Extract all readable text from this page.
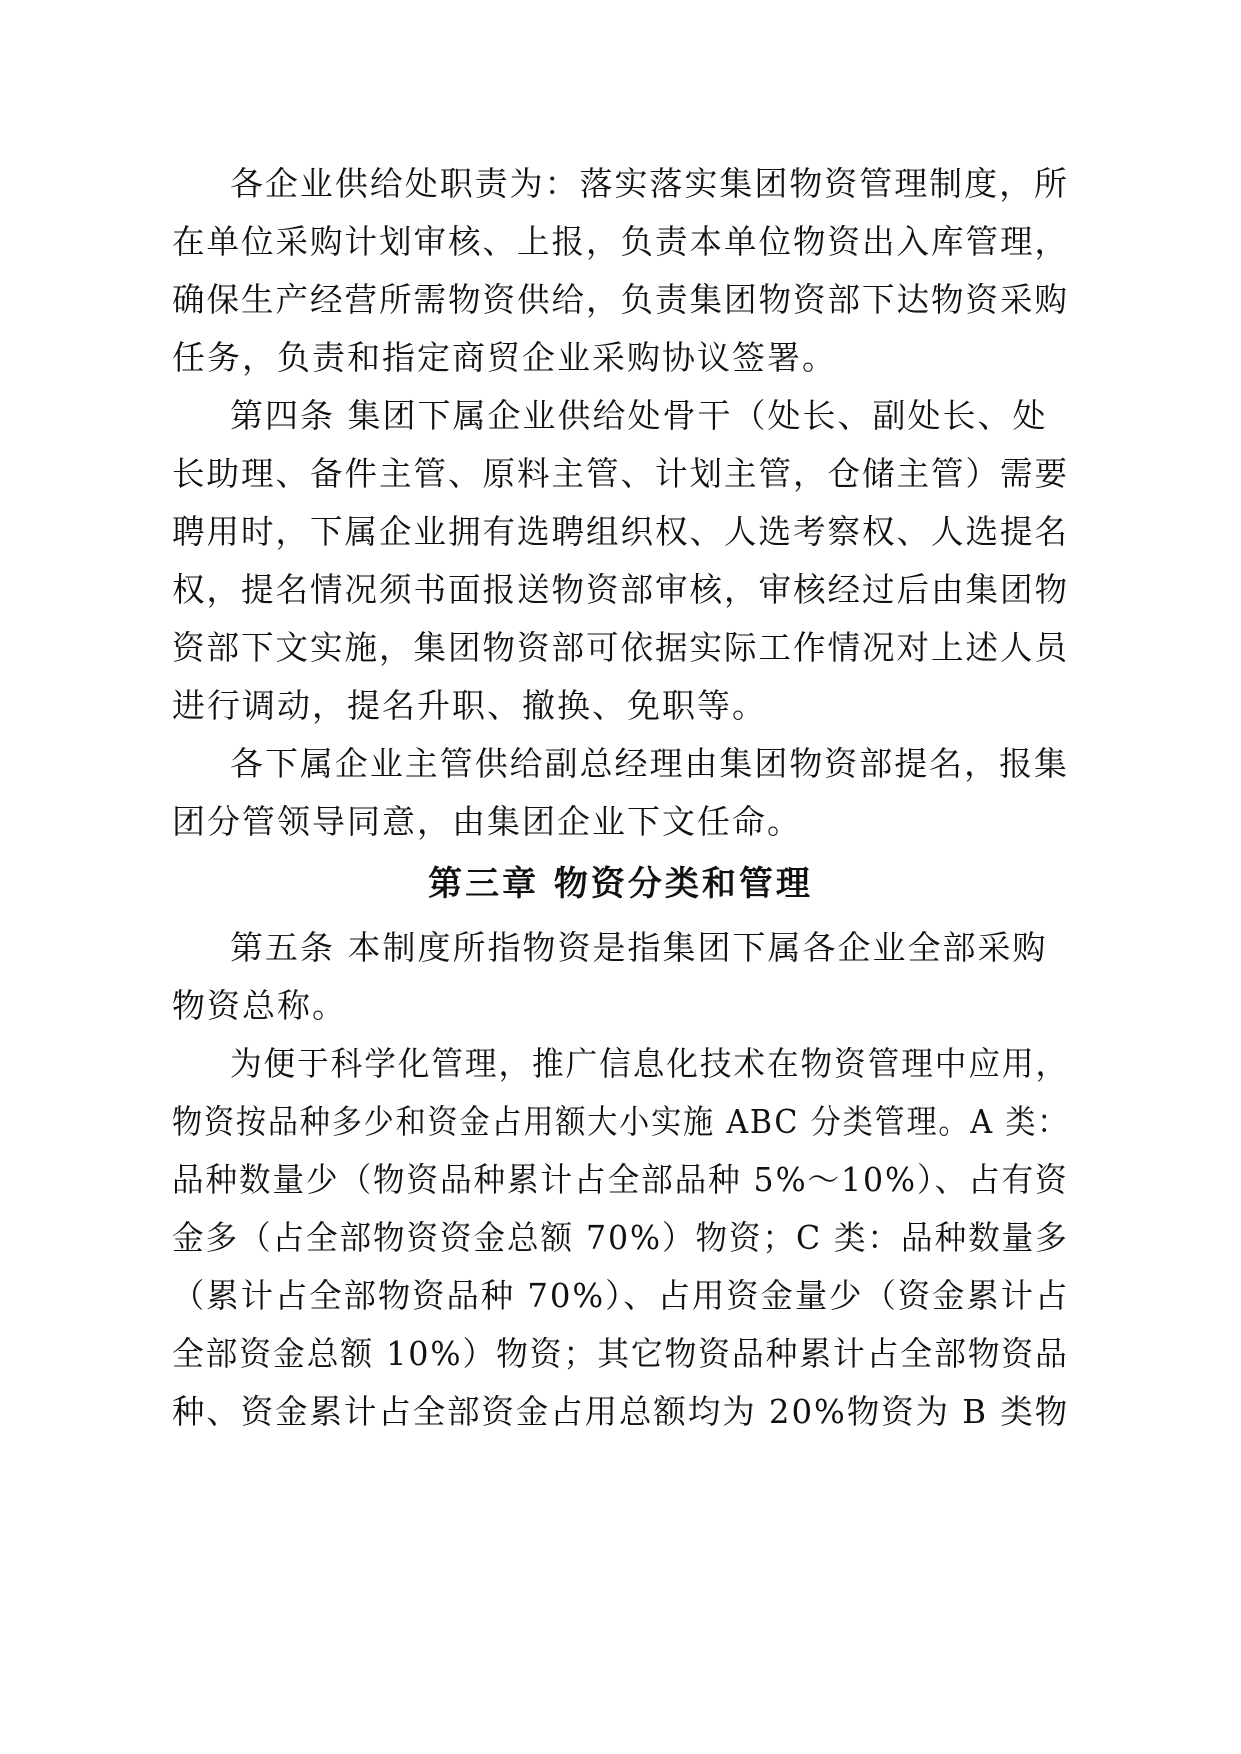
各企业供给处职责为：落实落实集团物资管理制度，所

在单位采购计划审核、上报，负责本单位物资出入库管理，

确保生产经营所需物资供给，负责集团物资部下达物资采购

任务，负责和指定商贸企业采购协议签署。

第四条 集团下属企业供给处骨干（处长、副处长、处

长助理、备件主管、原料主管、计划主管，仓储主管）需要

聘用时，下属企业拥有选聘组织权、人选考察权、人选提名

权，提名情况须书面报送物资部审核，审核经过后由集团物

资部下文实施，集团物资部可依据实际工作情况对上述人员

进行调动，提名升职、撤换、免职等。

各下属企业主管供给副总经理由集团物资部提名，报集

团分管领导同意，由集团企业下文任命。

第三章 物资分类和管理

第五条 本制度所指物资是指集团下属各企业全部采购

物资总称。

为便于科学化管理，推广信息化技术在物资管理中应用，

物资按品种多少和资金占用额大小实施 ABC 分类管理。A 类：

品种数量少（物资品种累计占全部品种 5%～10%）、占有资

金多（占全部物资资金总额 70%）物资；C 类：品种数量多

（累计占全部物资品种 70%）、占用资金量少（资金累计占

全部资金总额 10%）物资；其它物资品种累计占全部物资品

种、资金累计占全部资金占用总额均为 20%物资为 B 类物
